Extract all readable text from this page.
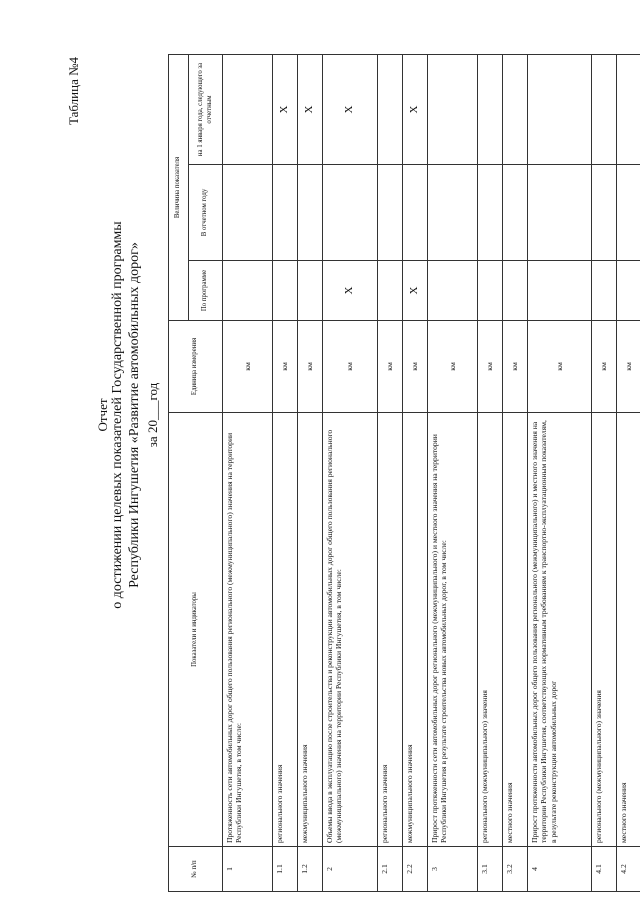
Таблица №4
Отчет о достижении целевых показателей Государственной программы Республики Ингушетия «Развитие автомобильных дорог» за 20___год
№ п/п	Показатели и индикаторы	Единица измерения	Величина показателя		
			По программе	В отчетном году	на 1 января года, следующего за отчетным
1	Протяженность сети автомобильных дорог общего пользования регионального (межмуниципального) значения на территории Республики Ингушетия, в том числе:	км			
1.1	регионального значения	км			X
1.2	межмуниципального значения	км			X
2	Объемы ввода в эксплуатацию после строительства и реконструкции автомобильных дорог общего пользования регионального (межмуниципального) значения на территории Республики Ингушетия, в том числе:	км	X		X
2.1	регионального значения	км			
2.2	межмуниципального значения	км	X		X
3	Прирост протяженности сети автомобильных дорог регионального (межмуниципального) и местного значения на территории Республики Ингушетия в результате строительства новых автомобильных дорог, в том числе:	км			
3.1	регионального (межмуниципального) значения	км			
3.2	местного значения	км			
4	Прирост протяженности автомобильных дорог общего пользования регионального (межмуниципального) и местного значения на территории Республики Ингушетия, соответствующих нормативным требованиям к транспортно-эксплуатационным показателям, в результате реконструкции автомобильных дорог	км			
4.1	регионального (межмуниципального) значения	км			
4.2	местного значения	км			
